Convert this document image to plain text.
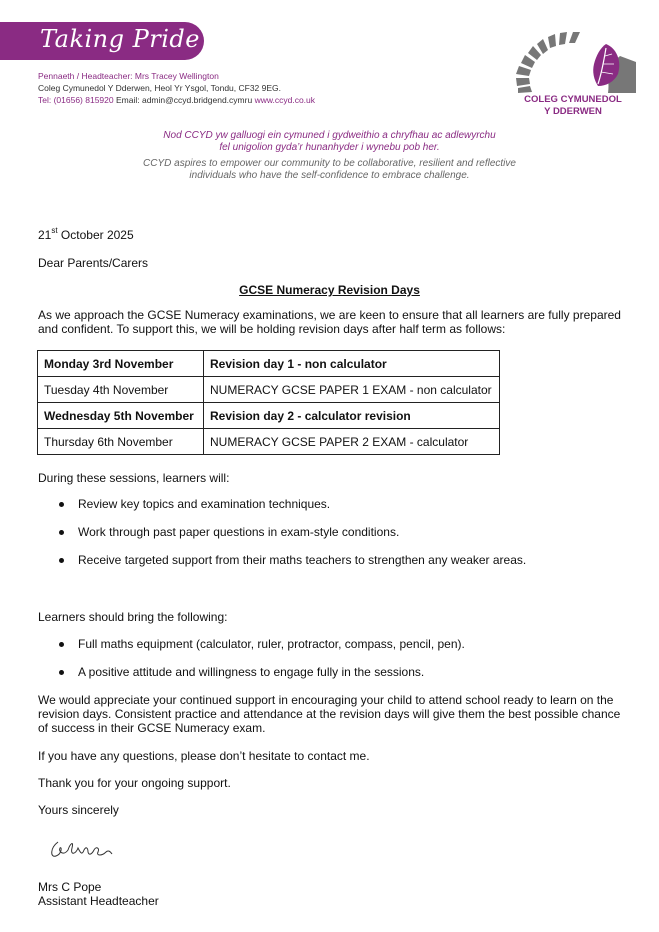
Taking Pride
Pennaeth / Headteacher: Mrs Tracey Wellington
Coleg Cymunedol Y Dderwen, Heol Yr Ysgol, Tondu, CF32 9EG.
Tel: (01656) 815920 Email: admin@ccyd.bridgend.cymru www.ccyd.co.uk	COLEG CYMUNEDOL
Y DDERWEN
Nod CCYD yw galluogi ein cymuned i gydweithio a chryfhau ac adlewyrchu
fel unigolion gyda’r hunanhyder i wynebu pob her.
CCYD aspires to empower our community to be collaborative, resilient and reflective
individuals who have the self-confidence to embrace challenge.
21st October 2025
Dear Parents/Carers
GCSE Numeracy Revision Days
As we approach the GCSE Numeracy examinations, we are keen to ensure that all learners are fully prepared and confident. To support this, we will be holding revision days after half term as follows:
Monday 3rd November	Revision day 1 - non calculator
Tuesday 4th November	NUMERACY GCSE PAPER 1 EXAM - non calculator
Wednesday 5th November	Revision day 2 - calculator revision
Thursday 6th November	NUMERACY GCSE PAPER 2 EXAM - calculator
During these sessions, learners will:
Review key topics and examination techniques.
Work through past paper questions in exam-style conditions.
Receive targeted support from their maths teachers to strengthen any weaker areas.
Learners should bring the following:
Full maths equipment (calculator, ruler, protractor, compass, pencil, pen).
A positive attitude and willingness to engage fully in the sessions.
We would appreciate your continued support in encouraging your child to attend school ready to learn on the revision days. Consistent practice and attendance at the revision days will give them the best possible chance of success in their GCSE Numeracy exam.
If you have any questions, please don’t hesitate to contact me.
Thank you for your ongoing support.
Yours sincerely
Mrs C Pope
Assistant Headteacher
